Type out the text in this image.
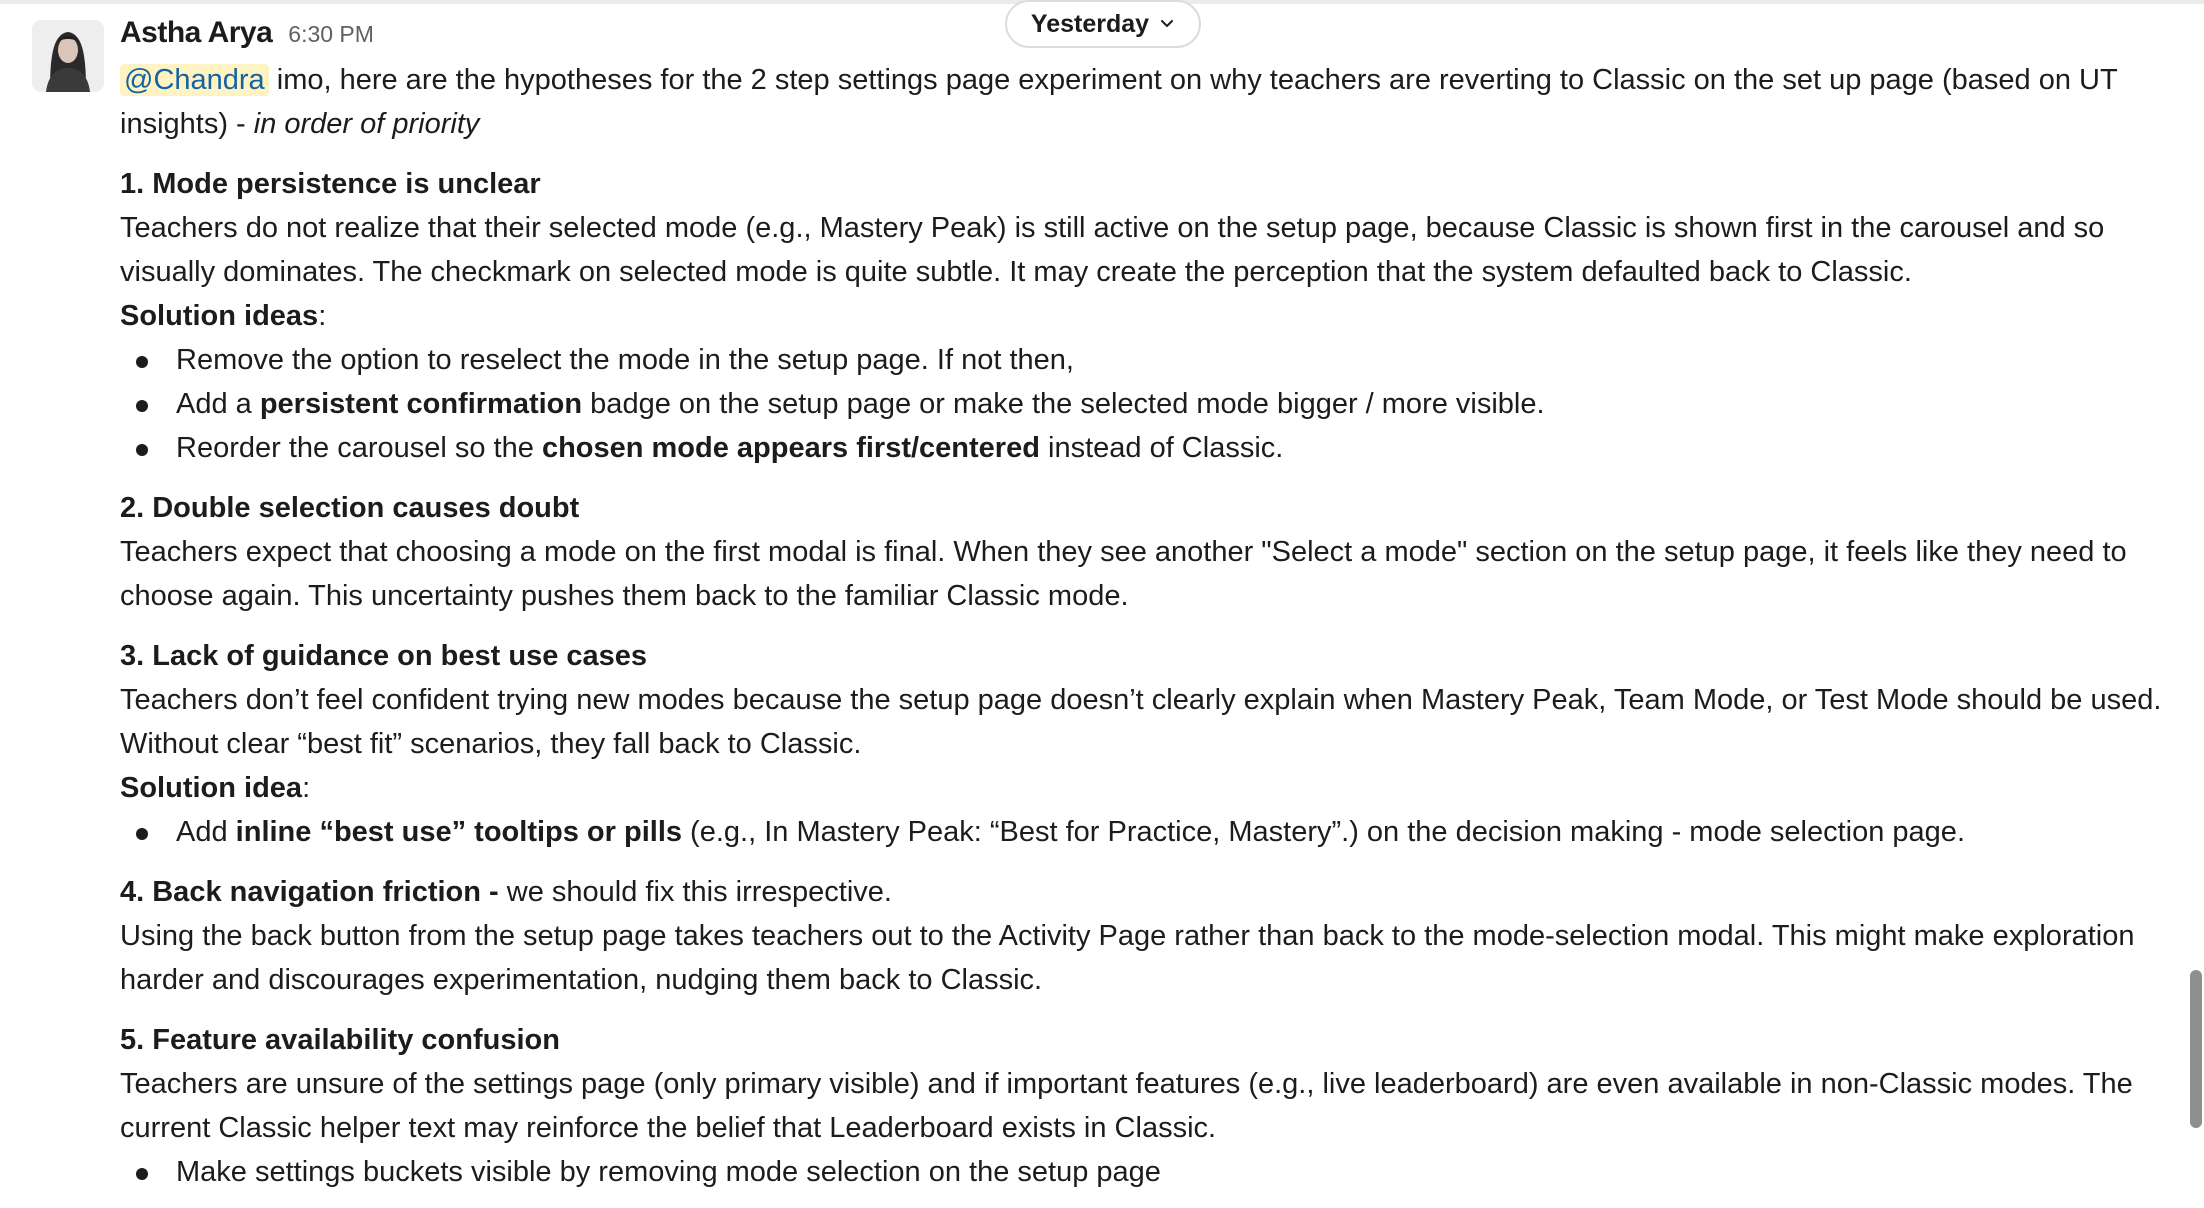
Yesterday
Astha Arya 6:30 PM

@Chandra imo, here are the hypotheses for the 2 step settings page experiment on why teachers are reverting to Classic on the set up page (based on UT insights) - in order of priority

1. Mode persistence is unclear

Teachers do not realize that their selected mode (e.g., Mastery Peak) is still active on the setup page, because Classic is shown first in the carousel and so visually dominates. The checkmark on selected mode is quite subtle. It may create the perception that the system defaulted back to Classic.

Solution ideas:

Remove the option to reselect the mode in the setup page. If not then,
Add a persistent confirmation badge on the setup page or make the selected mode bigger / more visible.
Reorder the carousel so the chosen mode appears first/centered instead of Classic.

2. Double selection causes doubt

Teachers expect that choosing a mode on the first modal is final. When they see another "Select a mode" section on the setup page, it feels like they need to choose again. This uncertainty pushes them back to the familiar Classic mode.

3. Lack of guidance on best use cases

Teachers don’t feel confident trying new modes because the setup page doesn’t clearly explain when Mastery Peak, Team Mode, or Test Mode should be used. Without clear “best fit” scenarios, they fall back to Classic.

Solution idea:

Add inline “best use” tooltips or pills (e.g., In Mastery Peak: “Best for Practice, Mastery”.) on the decision making - mode selection page.

4. Back navigation friction - we should fix this irrespective.

Using the back button from the setup page takes teachers out to the Activity Page rather than back to the mode-selection modal. This might make exploration harder and discourages experimentation, nudging them back to Classic.

5. Feature availability confusion

Teachers are unsure of the settings page (only primary visible) and if important features (e.g., live leaderboard) are even available in non-Classic modes. The current Classic helper text may reinforce the belief that Leaderboard exists in Classic.

Make settings buckets visible by removing mode selection on the setup page
